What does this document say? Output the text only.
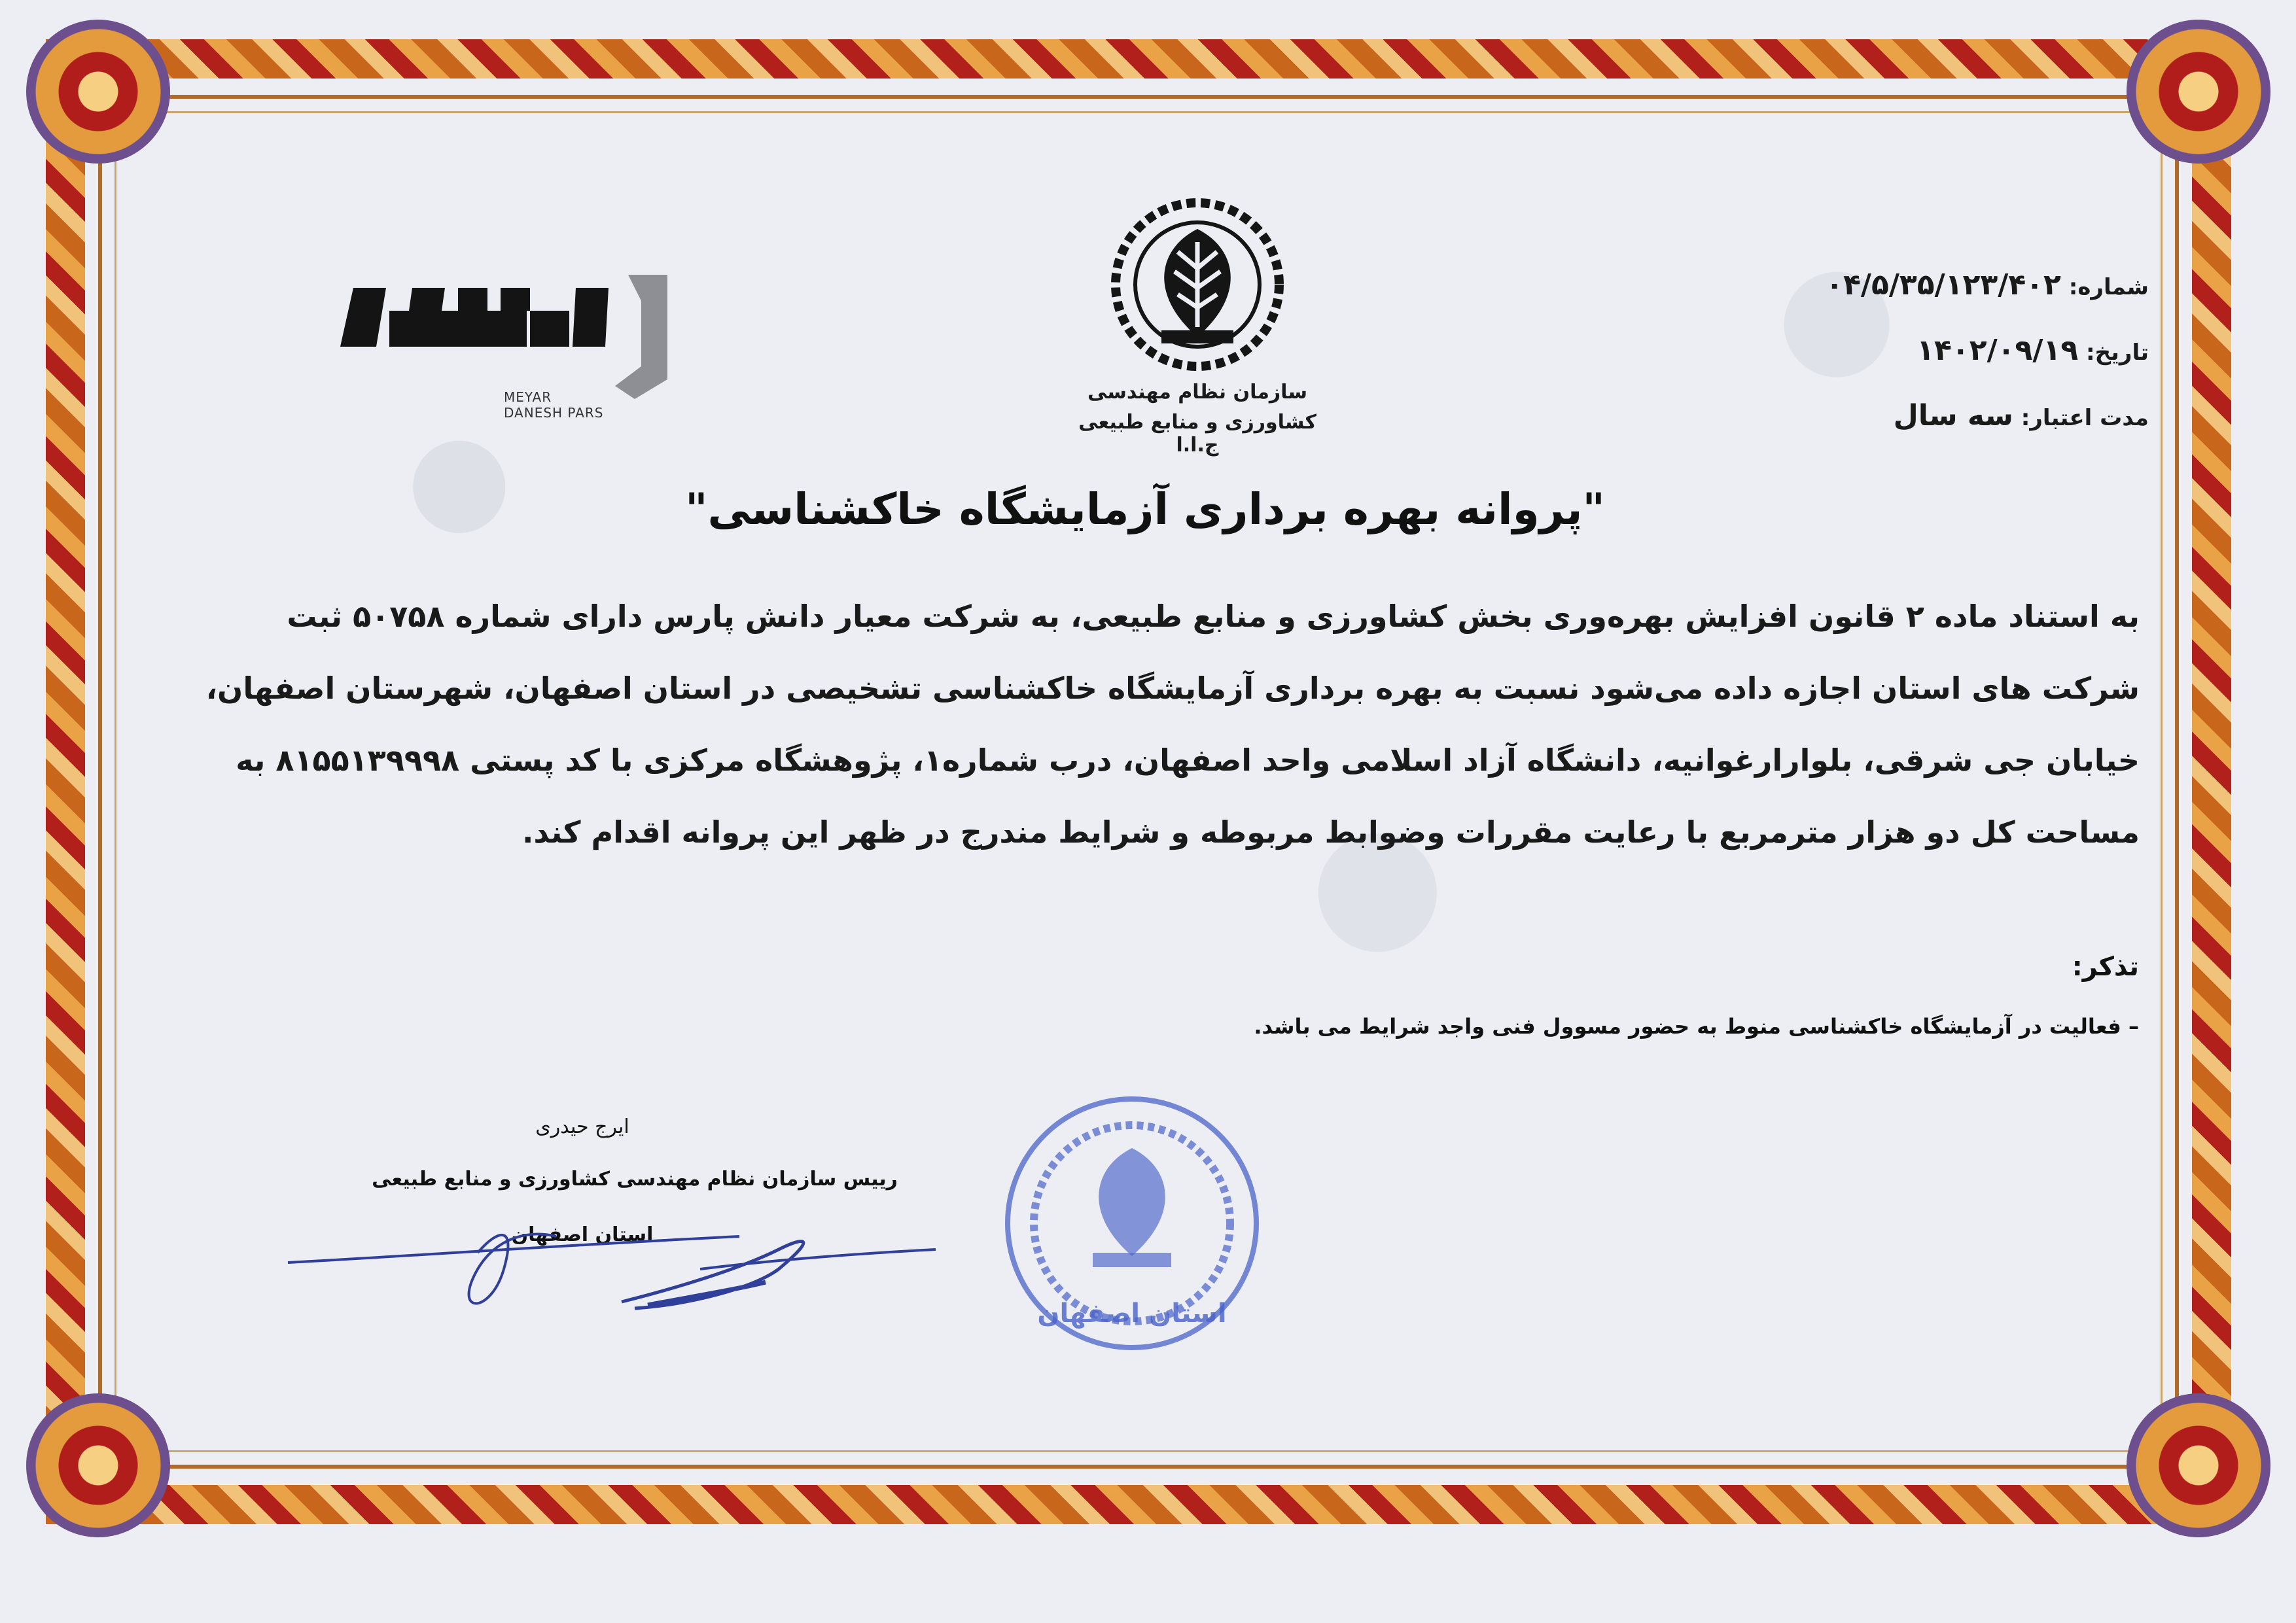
MEYAR
DANESH PARS
سازمان نظام مهندسی
کشاورزی و منابع طبیعی ج.ا.ا
شماره: ۰۴/۵/۳۵/۱۲۳/۴۰۲
تاریخ: ۱۴۰۲/۰۹/۱۹
مدت اعتبار: سه سال
"پروانه بهره برداری آزمایشگاه خاکشناسی"
به استناد ماده ۲ قانون افزایش بهره‌وری بخش کشاورزی و منابع طبیعی، به شرکت معیار دانش پارس دارای شماره ۵۰۷۵۸ ثبت
شرکت های استان اجازه داده می‌شود نسبت به بهره برداری آزمایشگاه خاکشناسی تشخیصی در استان اصفهان، شهرستان اصفهان،
خیابان جی شرقی، بلوارارغوانیه، دانشگاه آزاد اسلامی واحد اصفهان، درب شماره۱، پژوهشگاه مرکزی با کد پستی ۸۱۵۵۱۳۹۹۹۸ به
مساحت کل دو هزار مترمربع با رعایت مقررات وضوابط مربوطه و شرایط مندرج در ظهر این پروانه اقدام کند.
تذکر:
– فعالیت در آزمایشگاه خاکشناسی منوط به حضور مسوول فنی واجد شرایط می باشد.
ایرج حیدری
رییس سازمان نظام مهندسی کشاورزی و منابع طبیعی
استان اصفهان
استان اصفهان
